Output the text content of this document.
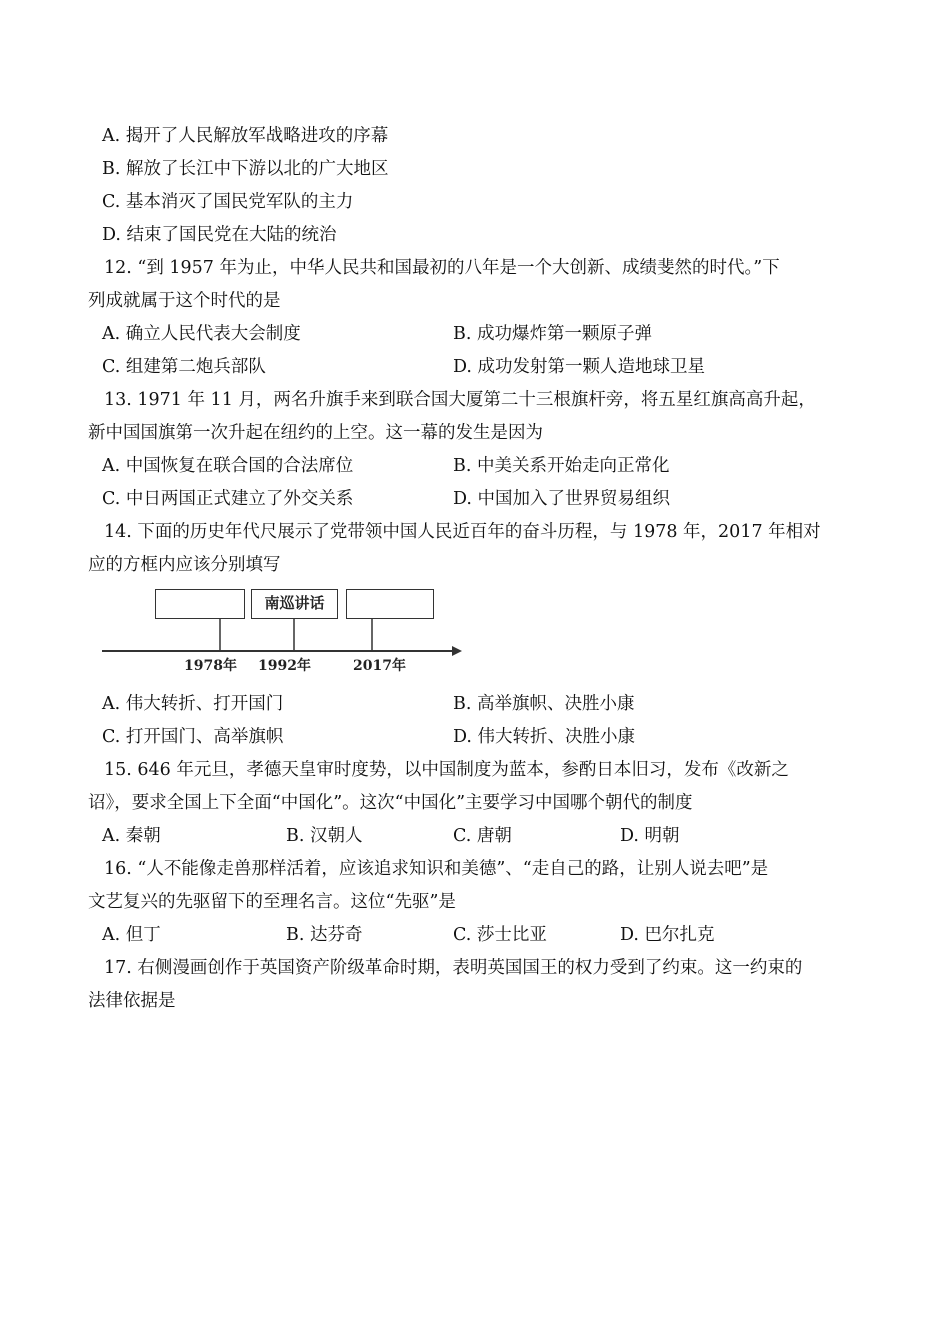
A. 揭开了人民解放军战略进攻的序幕
B. 解放了长江中下游以北的广大地区
C. 基本消灭了国民党军队的主力
D. 结束了国民党在大陆的统治
12. “到 1957 年为止，中华人民共和国最初的八年是一个大创新、成绩斐然的时代。”下
列成就属于这个时代的是
A. 确立人民代表大会制度	B. 成功爆炸第一颗原子弹
C. 组建第二炮兵部队	D. 成功发射第一颗人造地球卫星
13. 1971 年 11 月，两名升旗手来到联合国大厦第二十三根旗杆旁，将五星红旗高高升起，
新中国国旗第一次升起在纽约的上空。这一幕的发生是因为
A. 中国恢复在联合国的合法席位	B. 中美关系开始走向正常化
C. 中日两国正式建立了外交关系	D. 中国加入了世界贸易组织
14. 下面的历史年代尺展示了党带领中国人民近百年的奋斗历程，与 1978 年，2017 年相对
应的方框内应该分别填写
南巡讲话
1978年 1992年	2017年
A. 伟大转折、打开国门	B. 高举旗帜、决胜小康
C. 打开国门、高举旗帜	D. 伟大转折、决胜小康
15. 646 年元旦，孝德天皇审时度势，以中国制度为蓝本，参酌日本旧习，发布《改新之
诏》，要求全国上下全面“中国化”。这次“中国化”主要学习中国哪个朝代的制度
A. 秦朝	B. 汉朝人	C. 唐朝	D. 明朝
16. “人不能像走兽那样活着，应该追求知识和美德”、“走自己的路，让别人说去吧”是
文艺复兴的先驱留下的至理名言。这位“先驱”是
A. 但丁	B. 达芬奇	C. 莎士比亚	D. 巴尔扎克
17. 右侧漫画创作于英国资产阶级革命时期，表明英国国王的权力受到了约束。这一约束的
法律依据是
